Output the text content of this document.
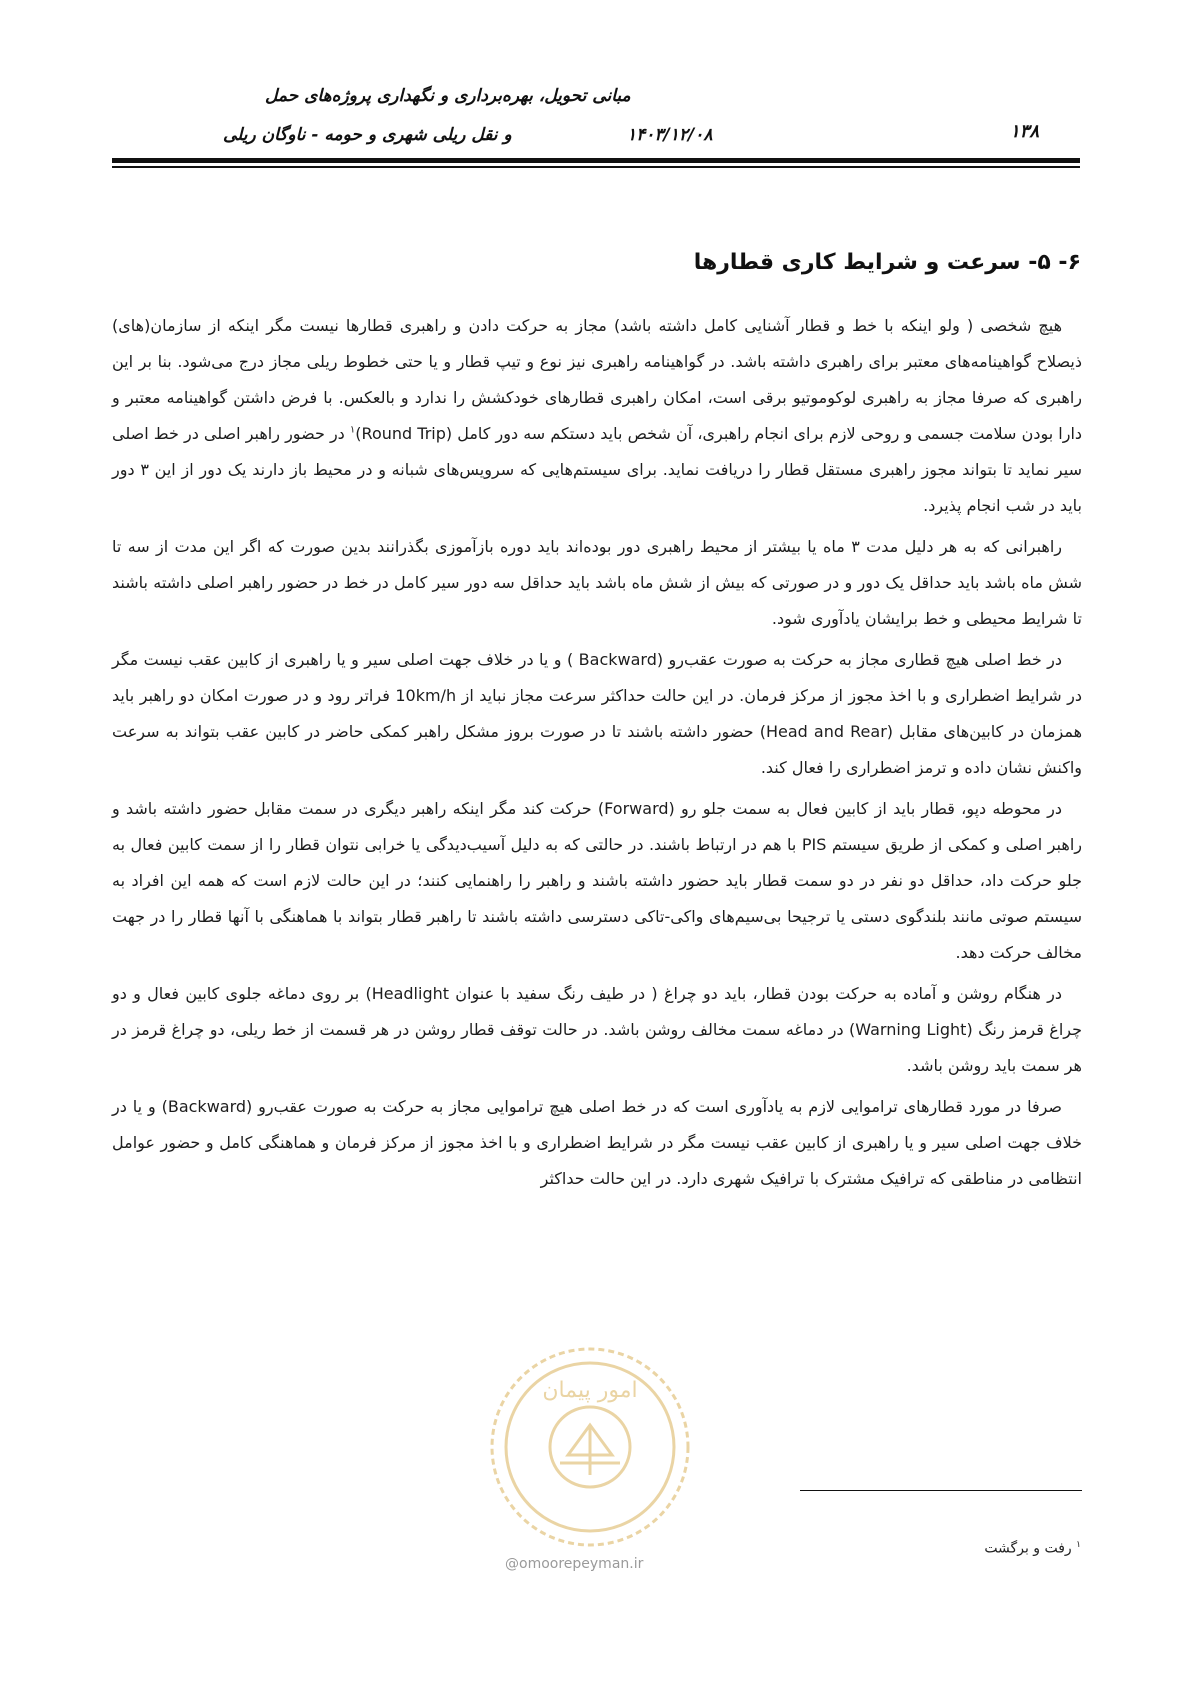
مبانی تحویل، بهره‌برداری و نگهداری پروژه‌های حمل
و نقل ریلی شهری و حومه - ناوگان ریلی	۱۴۰۳/۱۲/۰۸	۱۳۸
۶- ۵- سرعت و شرایط کاری قطارها

هیچ شخصی ( ولو اینکه با خط و قطار آشنایی کامل داشته باشد) مجاز به حرکت دادن و راهبری قطارها نیست مگر اینکه از سازمان(های) ذیصلاح گواهینامه‌های معتبر برای راهبری داشته باشد. در گواهینامه راهبری نیز نوع و تیپ قطار و یا حتی خطوط ریلی مجاز درج می‌شود. بنا بر این راهبری که صرفا مجاز به راهبری لوکوموتیو برقی است، امکان راهبری قطارهای خودکشش را ندارد و بالعکس. با فرض داشتن گواهینامه معتبر و دارا بودن سلامت جسمی و روحی لازم برای انجام راهبری، آن شخص باید دستکم سه دور کامل (Round Trip)$^۱$ در حضور راهبر اصلی در خط اصلی سیر نماید تا بتواند مجوز راهبری مستقل قطار را دریافت نماید. برای سیستم‌هایی که سرویس‌های شبانه و در محیط باز دارند یک دور از این ۳ دور باید در شب انجام پذیرد.

راهبرانی که به هر دلیل مدت ۳ ماه یا بیشتر از محیط راهبری دور بوده‌اند باید دوره بازآموزی بگذرانند بدین صورت که اگر این مدت از سه تا شش ماه باشد باید حداقل یک دور و در صورتی که بیش از شش ماه باشد باید حداقل سه دور سیر کامل در خط در حضور راهبر اصلی داشته باشند تا شرایط محیطی و خط برایشان یادآوری شود.

در خط اصلی هیچ قطاری مجاز به حرکت به صورت عقب‌رو (Backward ) و یا در خلاف جهت اصلی سیر و یا راهبری از کابین عقب نیست مگر در شرایط اضطراری و با اخذ مجوز از مرکز فرمان. در این حالت حداکثر سرعت مجاز نباید از 10km/h فراتر رود و در صورت امکان دو راهبر باید همزمان در کابین‌های مقابل (Head and Rear) حضور داشته باشند تا در صورت بروز مشکل راهبر کمکی حاضر در کابین عقب بتواند به سرعت واکنش نشان داده و ترمز اضطراری را فعال کند.

در محوطه دپو، قطار باید از کابین فعال به سمت جلو رو (Forward) حرکت کند مگر اینکه راهبر دیگری در سمت مقابل حضور داشته باشد و راهبر اصلی و کمکی از طریق سیستم PIS با هم در ارتباط باشند. در حالتی که به دلیل آسیب‌دیدگی یا خرابی نتوان قطار را از سمت کابین فعال به جلو حرکت داد، حداقل دو نفر در دو سمت قطار باید حضور داشته باشند و راهبر را راهنمایی کنند؛ در این حالت لازم است که همه این افراد به سیستم صوتی مانند بلندگوی دستی یا ترجیحا بی‌سیم‌های واکی-تاکی دسترسی داشته باشند تا راهبر قطار بتواند با هماهنگی با آنها قطار را در جهت مخالف حرکت دهد.

در هنگام روشن و آماده به حرکت بودن قطار، باید دو چراغ ( در طیف رنگ سفید با عنوان Headlight) بر روی دماغه جلوی کابین فعال و دو چراغ قرمز رنگ (Warning Light) در دماغه سمت مخالف روشن باشد. در حالت توقف قطار روشن در هر قسمت از خط ریلی، دو چراغ قرمز در هر سمت باید روشن باشد.

صرفا در مورد قطارهای تراموایی لازم به یادآوری است که در خط اصلی هیچ تراموایی مجاز به حرکت به صورت عقب‌رو (Backward) و یا در خلاف جهت اصلی سیر و یا راهبری از کابین عقب نیست مگر در شرایط اضطراری و با اخذ مجوز از مرکز فرمان و هماهنگی کامل و حضور عوامل انتظامی در مناطقی که ترافیک مشترک با ترافیک شهری دارد. در این حالت حداکثر

امور پیمان
@omoorepeyman.ir
$^۱$ رفت و برگشت
